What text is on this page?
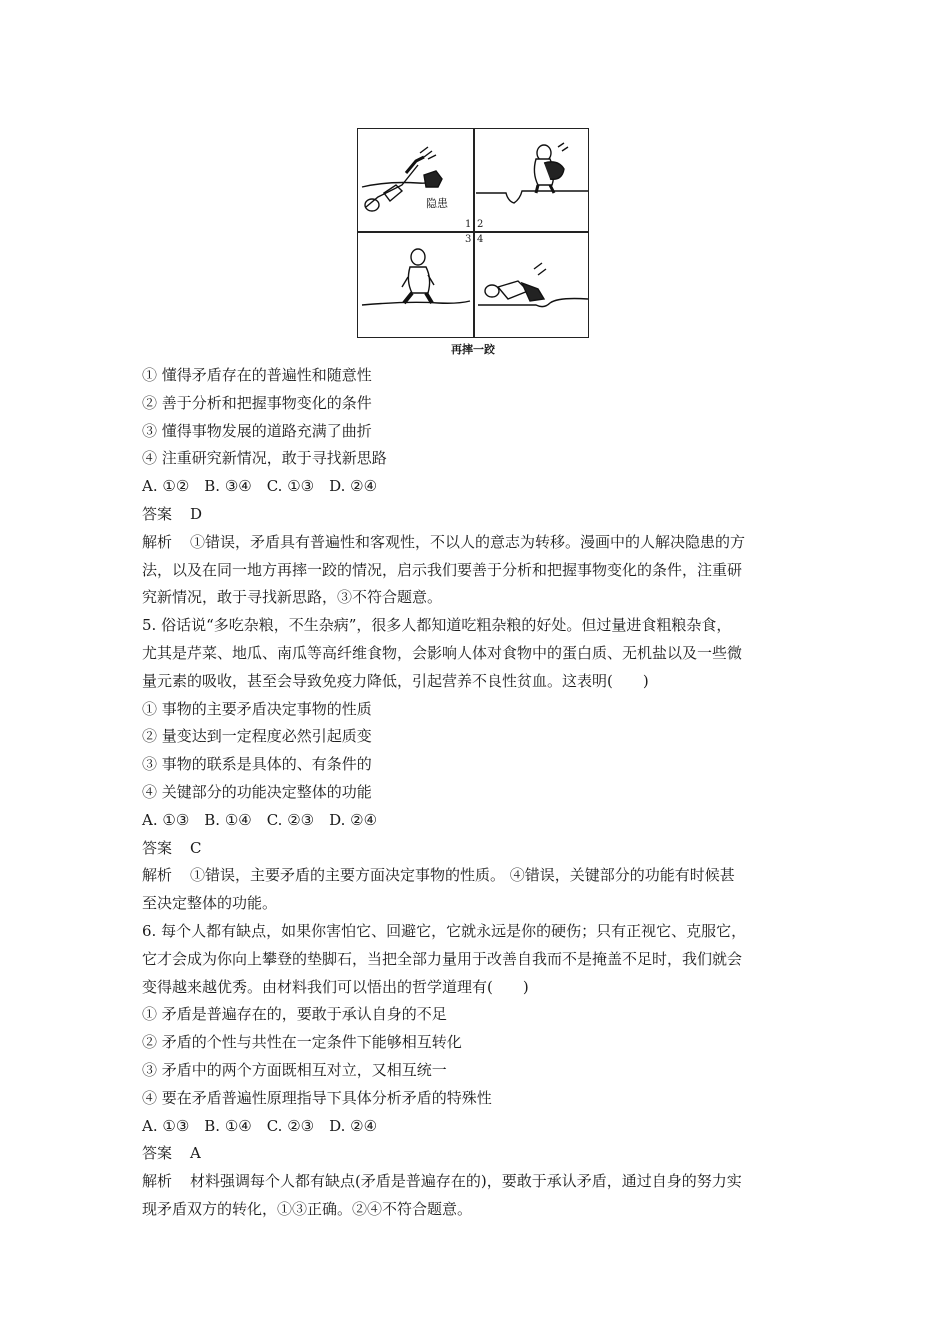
隐患
1 2
3 4
再摔一跤
① 懂得矛盾存在的普遍性和随意性
② 善于分析和把握事物变化的条件
③ 懂得事物发展的道路充满了曲折
④ 注重研究新情况，敢于寻找新思路
A. ①②　B. ③④　C. ①③　D. ②④
答案 D
解析 ①错误，矛盾具有普遍性和客观性，不以人的意志为转移。漫画中的人解决隐患的方
法，以及在同一地方再摔一跤的情况，启示我们要善于分析和把握事物变化的条件，注重研
究新情况，敢于寻找新思路，③不符合题意。
5. 俗话说“多吃杂粮，不生杂病”，很多人都知道吃粗杂粮的好处。但过量进食粗粮杂食，
尤其是芹菜、地瓜、南瓜等高纤维食物，会影响人体对食物中的蛋白质、无机盐以及一些微
量元素的吸收，甚至会导致免疫力降低，引起营养不良性贫血。这表明(　　)
① 事物的主要矛盾决定事物的性质
② 量变达到一定程度必然引起质变
③ 事物的联系是具体的、有条件的
④ 关键部分的功能决定整体的功能
A. ①③　B. ①④　C. ②③　D. ②④
答案 C
解析 ①错误，主要矛盾的主要方面决定事物的性质。 ④错误，关键部分的功能有时候甚
至决定整体的功能。
6. 每个人都有缺点，如果你害怕它、回避它，它就永远是你的硬伤；只有正视它、克服它，
它才会成为你向上攀登的垫脚石，当把全部力量用于改善自我而不是掩盖不足时，我们就会
变得越来越优秀。由材料我们可以悟出的哲学道理有(　　)
① 矛盾是普遍存在的，要敢于承认自身的不足
② 矛盾的个性与共性在一定条件下能够相互转化
③ 矛盾中的两个方面既相互对立，又相互统一
④ 要在矛盾普遍性原理指导下具体分析矛盾的特殊性
A. ①③　B. ①④　C. ②③　D. ②④
答案 A
解析 材料强调每个人都有缺点(矛盾是普遍存在的)，要敢于承认矛盾，通过自身的努力实
现矛盾双方的转化，①③正确。②④不符合题意。
